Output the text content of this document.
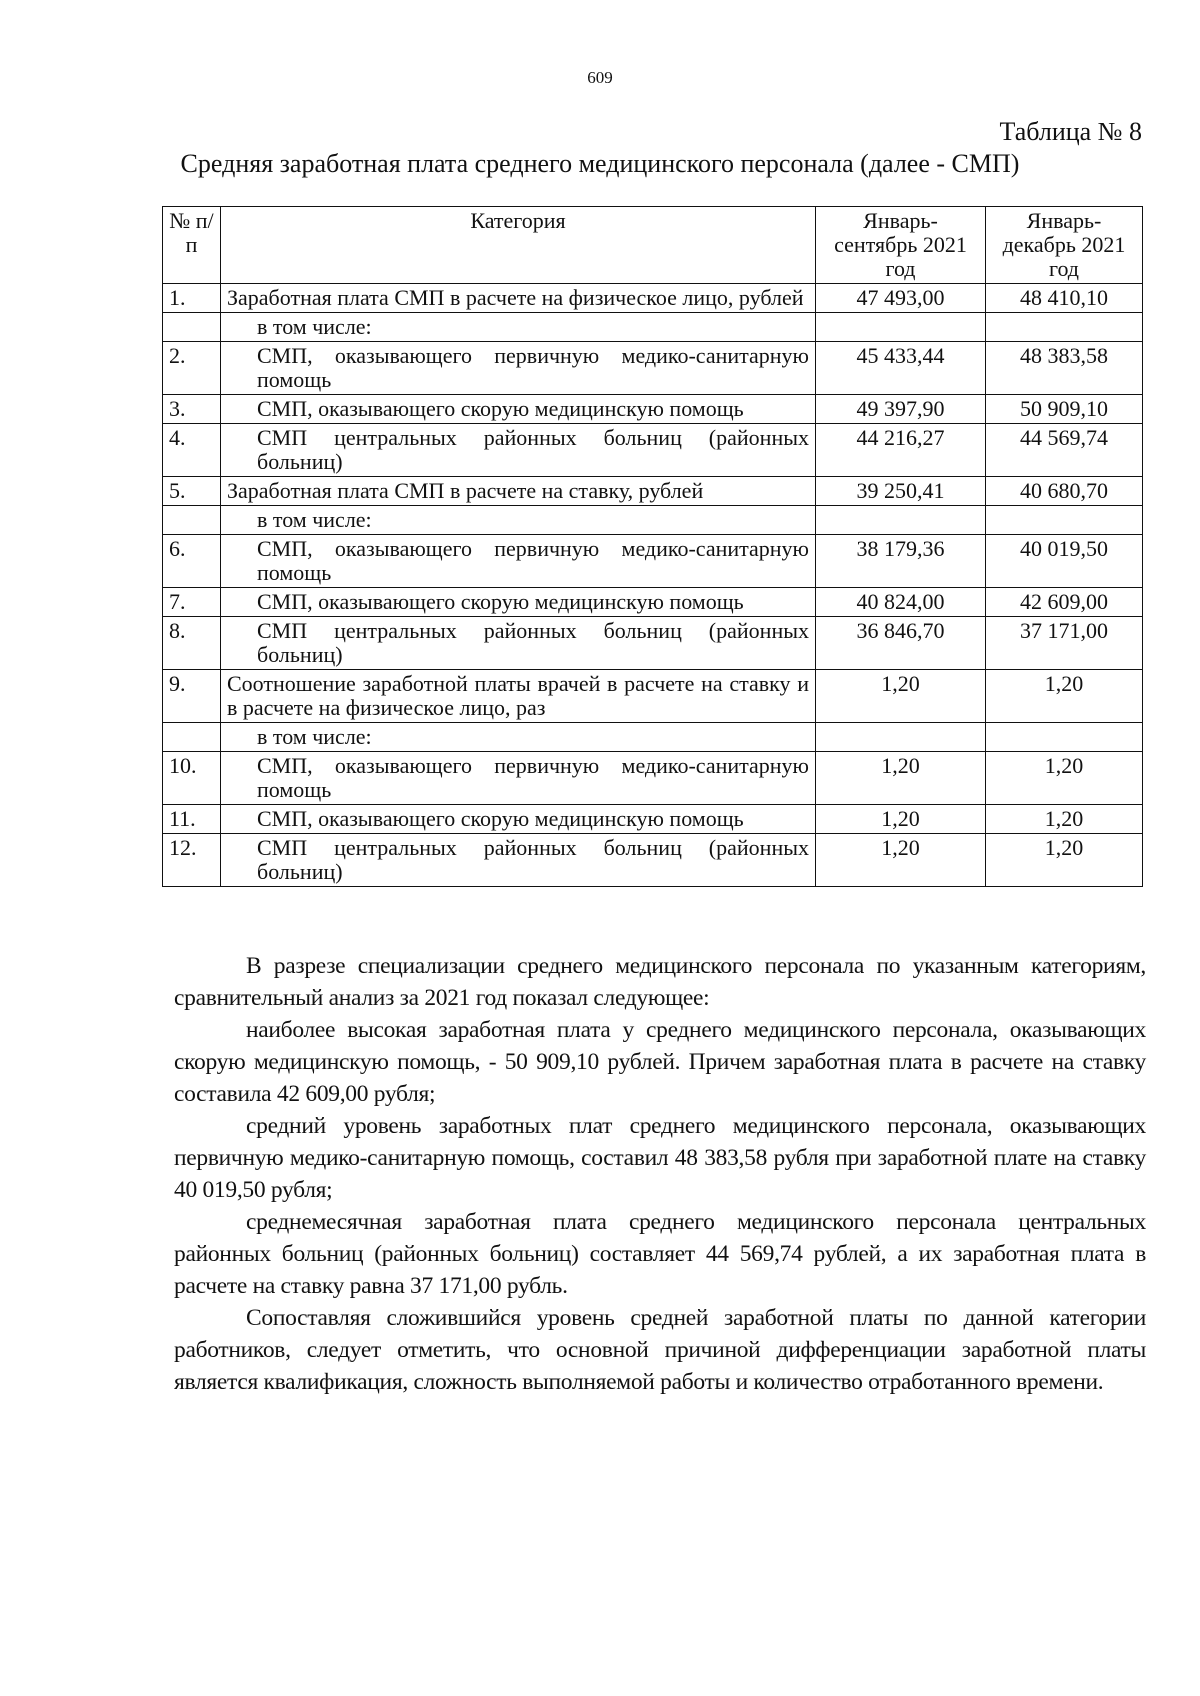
609
Таблица № 8
Средняя заработная плата среднего медицинского персонала (далее - СМП)
№ п/п	Категория	Январь-сентябрь 2021 год	Январь-декабрь 2021 год
1.	Заработная плата СМП в расчете на физическое лицо, рублей	47 493,00	48 410,10
	в том числе:		
2.	СМП, оказывающего первичную медико-санитарную помощь	45 433,44	48 383,58
3.	СМП, оказывающего скорую медицинскую помощь	49 397,90	50 909,10
4.	СМП центральных районных больниц (районных больниц)	44 216,27	44 569,74
5.	Заработная плата СМП в расчете на ставку, рублей	39 250,41	40 680,70
	в том числе:		
6.	СМП, оказывающего первичную медико-санитарную помощь	38 179,36	40 019,50
7.	СМП, оказывающего скорую медицинскую помощь	40 824,00	42 609,00
8.	СМП центральных районных больниц (районных больниц)	36 846,70	37 171,00
9.	Соотношение заработной платы врачей в расчете на ставку и в расчете на физическое лицо, раз	1,20	1,20
	в том числе:		
10.	СМП, оказывающего первичную медико-санитарную помощь	1,20	1,20
11.	СМП, оказывающего скорую медицинскую помощь	1,20	1,20
12.	СМП центральных районных больниц (районных больниц)	1,20	1,20

В разрезе специализации среднего медицинского персонала по указанным категориям, сравнительный анализ за 2021 год показал следующее:

наиболее высокая заработная плата у среднего медицинского персонала, оказывающих скорую медицинскую помощь, - 50 909,10 рублей. Причем заработная плата в расчете на ставку составила 42 609,00 рубля;

средний уровень заработных плат среднего медицинского персонала, оказывающих первичную медико-санитарную помощь, составил 48 383,58 рубля при заработной плате на ставку 40 019,50 рубля;

среднемесячная заработная плата среднего медицинского персонала центральных районных больниц (районных больниц) составляет 44 569,74 рублей, а их заработная плата в расчете на ставку равна 37 171,00 рубль.

Сопоставляя сложившийся уровень средней заработной платы по данной категории работников, следует отметить, что основной причиной дифференциации заработной платы является квалификация, сложность выполняемой работы и количество отработанного времени.
